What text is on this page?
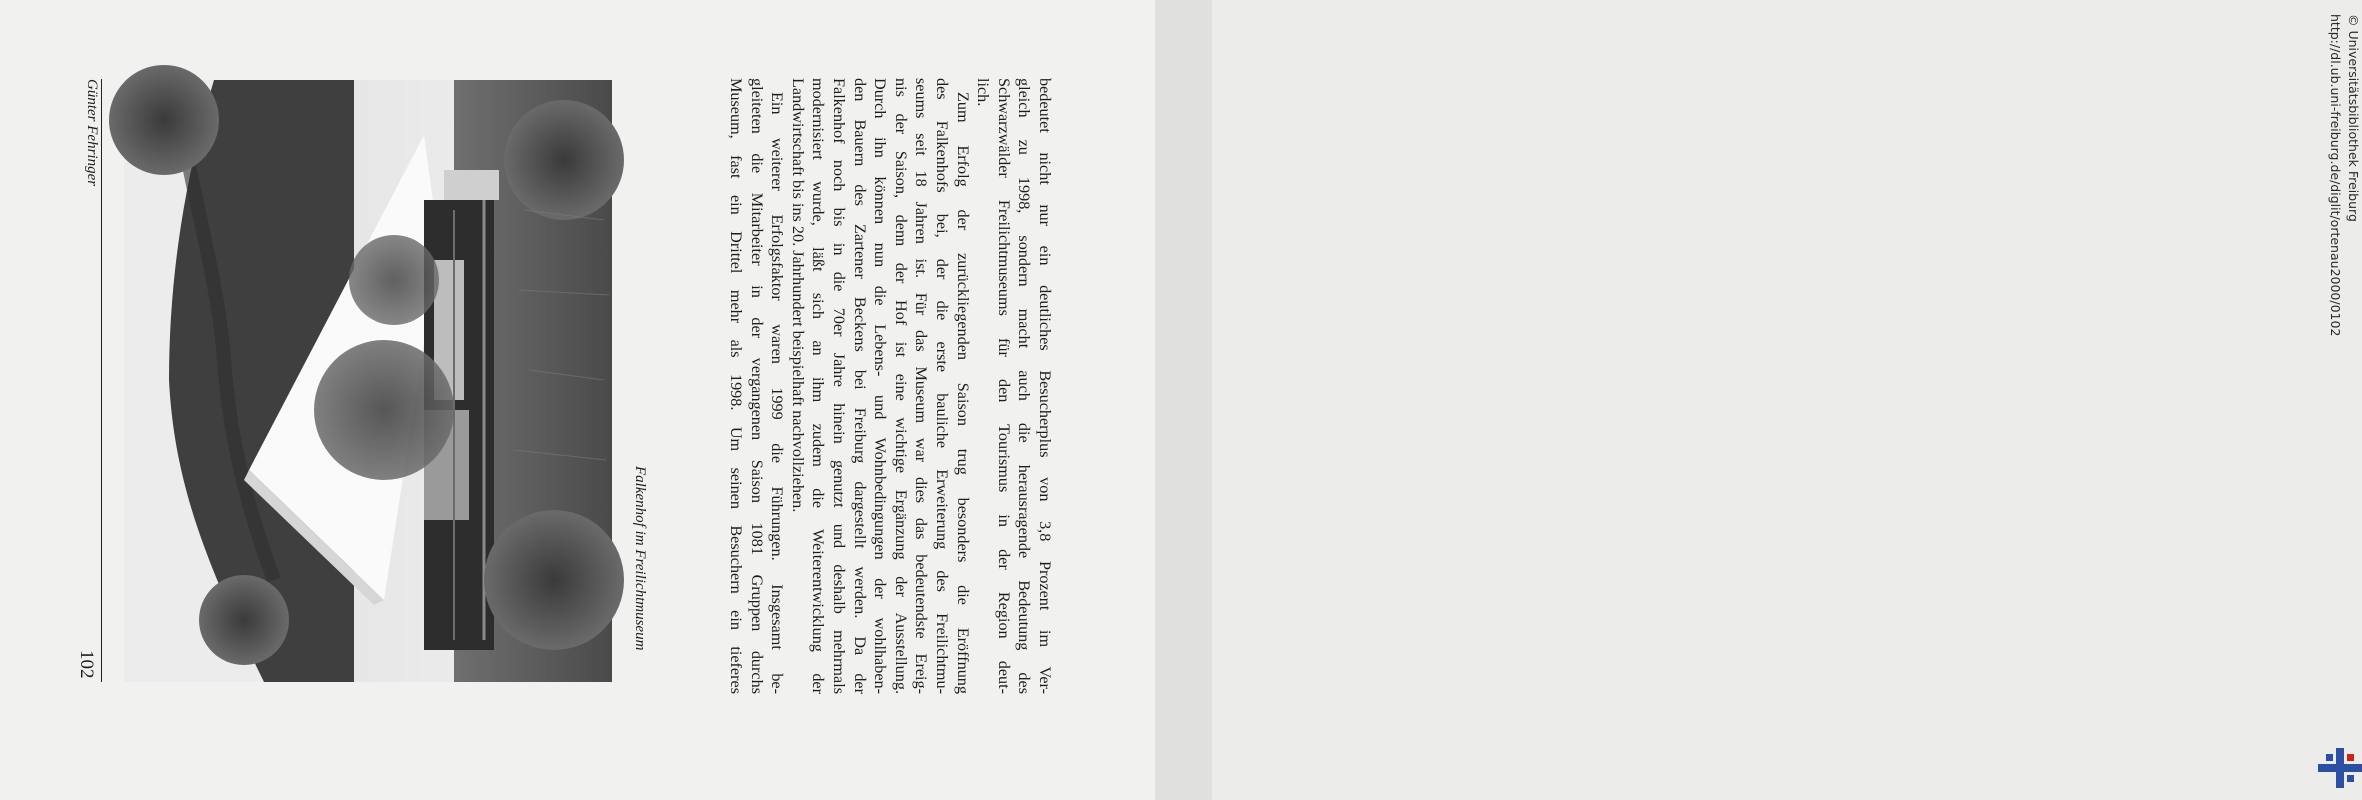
102
Günter Fehringer
Falkenhof im Freilichtmuseum	bedeutet nicht nur ein deutliches Besucherplus von 3,8 Prozent im Ver-

gleich zu 1998, sondern macht auch die herausragende Bedeutung des

Schwarzwälder Freilichtmuseums für den Tourismus in der Region deut-

lich.

Zum Erfolg der zurückliegenden Saison trug besonders die Eröffnung

des Falkenhofs bei, der die erste bauliche Erweiterung des Freilichtmu-

seums seit 18 Jahren ist. Für das Museum war dies das bedeutendste Ereig-

nis der Saison, denn der Hof ist eine wichtige Ergänzung der Ausstellung.

Durch ihn können nun die Lebens- und Wohnbedingungen der wohlhaben-

den Bauern des Zartener Beckens bei Freiburg dargestellt werden. Da der

Falkenhof noch bis in die 70er Jahre hinein genutzt und deshalb mehrmals

modernisiert wurde, läßt sich an ihm zudem die Weiterentwicklung der

Landwirtschaft bis ins 20. Jahrhundert beispielhaft nachvollziehen.

Ein weiterer Erfolgsfaktor waren 1999 die Führungen. Insgesamt be-

gleiteten die Mitarbeiter in der vergangenen Saison 1081 Gruppen durchs

Museum, fast ein Drittel mehr als 1998. Um seinen Besuchern ein tieferes	http://dl.ub.uni-freiburg.de/diglit/ortenau2000/0102 © Universitätsbibliothek Freiburg
